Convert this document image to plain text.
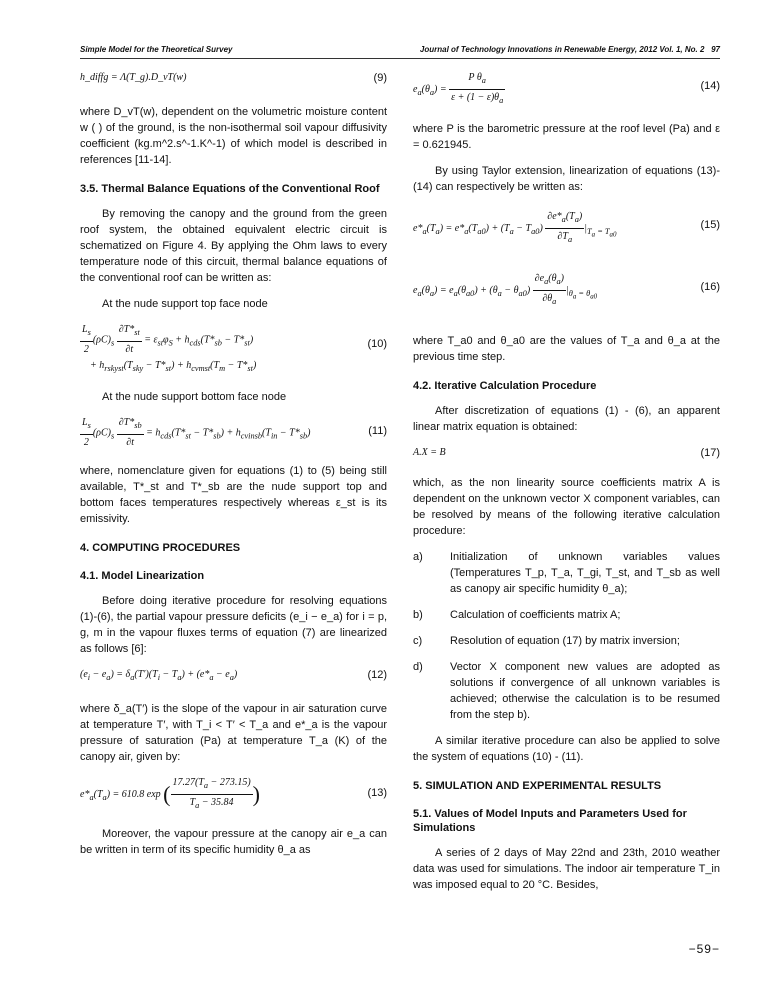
Simple Model for the Theoretical Survey	Journal of Technology Innovations in Renewable Energy, 2012 Vol. 1, No. 2 97
h_diffg = Λ(T_g).D_vT(w)	(9)

where D_vT(w), dependent on the volumetric moisture content w ( ) of the ground, is the non-isothermal soil vapour diffusivity coefficient (kg.m^2.s^-1.K^-1) of which model is described in references [11-14].

3.5. Thermal Balance Equations of the Conventional Roof

By removing the canopy and the ground from the green roof system, the obtained equivalent electric circuit is schematized on Figure 4. By applying the Ohm laws to every temperature node of this circuit, thermal balance equations of the conventional roof can be written as:

At the nude support top face node

$\frac{L_s}{2} (\rho C)_s \frac{\partial T*_{st}}{\partial t} = \varepsilon_{st}\varphi_S + h_{cds}(T*_{sb} - T*_{st})$
+ $h_{rskyst}(T_{sky} - T*_{st}) + h_{cvmst}(T_m - T*_{st})$
(10)

At the nude support bottom face node

$\frac{L_s}{2} (\rho C)_s \frac{\partial T*_{sb}}{\partial t} = h_{cds}(T*_{st} - T*_{sb}) + h_{cvinsb}(T_{in} - T*_{sb})$	(11)

where, nomenclature given for equations (1) to (5) being still available, T*_st and T*_sb are the nude support top and bottom faces temperatures respectively whereas ε_st is its emissivity.

4. COMPUTING PROCEDURES
4.1. Model Linearization

Before doing iterative procedure for resolving equations (1)-(6), the partial vapour pressure deficits (e_i − e_a) for i = p, g, m in the vapour fluxes terms of equation (7) are linearized as follows [6]:

$(e_i - e_a) = \delta_a(T')(T_i - T_a) + (e*_a - e_a)$	(12)

where δ_a(T′) is the slope of the vapour in air saturation curve at temperature T′, with T_i < T′ < T_a and e*_a is the vapour pressure of saturation (Pa) at temperature T_a (K) of the canopy air, given by:

$e*_a(T_a) = 610.8$ exp ( $\frac{17.27(T_a - 273.15)}{T_a - 35.84}$ )	(13)

Moreover, the vapour pressure at the canopy air e_a can be written in term of its specific humidity θ_a as

$e_a(\theta_a) = \frac{P \theta_a}{\varepsilon + (1 - \varepsilon)\theta_a}$	(14)

where P is the barometric pressure at the roof level (Pa) and ε = 0.621945.

By using Taylor extension, linearization of equations (13)-(14) can respectively be written as:

$e*_a(T_a) = e*_a(T_{a0}) + (T_a - T_{a0}) \frac{\partial e*_a(T_a)}{\partial T_a} |_{T_a = T_{a0}}$
(15)
$e_a(\theta_a) = e_a(\theta_{a0}) + (\theta_a - \theta_{a0}) \frac{\partial e_a(\theta_a)}{\partial\theta_a} |_{\theta_a = \theta_{a0}}$
(16)

where T_a0 and θ_a0 are the values of T_a and θ_a at the previous time step.

4.2. Iterative Calculation Procedure

After discretization of equations (1) - (6), an apparent linear matrix equation is obtained:

A.X = B	(17)

which, as the non linearity source coefficients matrix A is dependent on the unknown vector X component variables, can be resolved by means of the following iterative calculation procedure:

a) Initialization of unknown variables values (Temperatures T_p, T_a, T_gi, T_st, and T_sb as well as canopy air specific humidity θ_a);
b) Calculation of coefficients matrix A;
c)	Resolution of equation (17) by matrix inversion;
d) Vector X component new values are adopted as solutions if convergence of all unknown variables is achieved; otherwise the calculation is to be resumed from the step b).

A similar iterative procedure can also be applied to solve the system of equations (10) - (11).

5. SIMULATION AND EXPERIMENTAL RESULTS
5.1. Values of Model Inputs and Parameters Used for Simulations

A series of 2 days of May 22nd and 23th, 2010 weather data was used for simulations. The indoor air temperature T_in was imposed equal to 20 °C. Besides,

−59−
